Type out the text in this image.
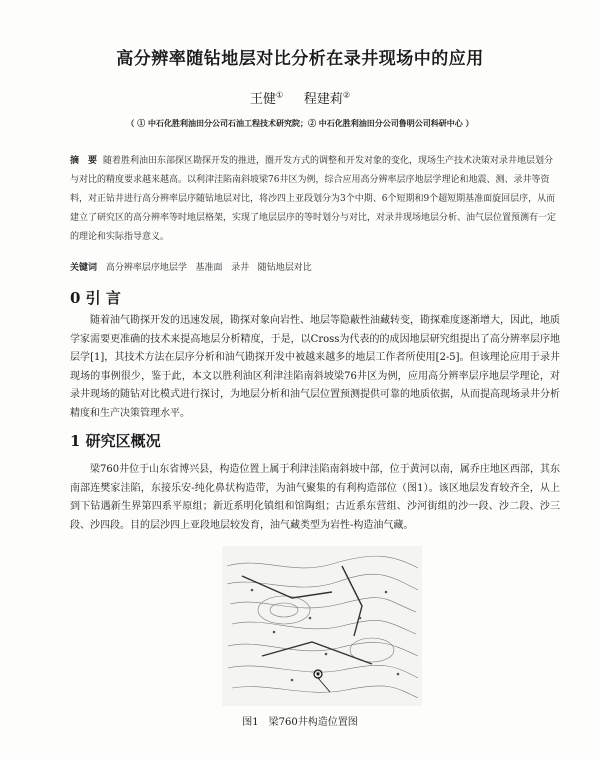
高分辨率随钻地层对比分析在录井现场中的应用
王健① 程建莉②
（ ① 中石化胜利油田分公司石油工程技术研究院；② 中石化胜利油田分公司鲁明公司科研中心 ）
摘　要 随着胜利油田东部探区勘探开发的推进，圈开发方式的调整和开发对象的变化，现场生产技术决策对录井地层划分与对比的精度要求越来越高。以利津洼陷南斜坡梁76井区为例，综合应用高分辨率层序地层学理论和地震、测、录井等资料，对正钻井进行高分辨率层序随钻地层对比，将沙四上亚段划分为3个中期、6个短期和9个超短期基准面旋回层序，从而建立了研究区的高分辨率等时地层格架，实现了地层层序的等时划分与对比，对录井现场地层分析、油气层位置预测有一定的理论和实际指导意义。
关键词 高分辨率层序地层学 基准面 录井 随钻地层对比
0 引 言
随着油气勘探开发的迅速发展，勘探对象向岩性、地层等隐蔽性油藏转变，勘探难度逐渐增大，因此，地质学家需要更准确的技术来提高地层分析精度，于是，以Cross为代表的的成因地层研究组提出了高分辨率层序地层学[1]，其技术方法在层序分析和油气勘探开发中被越来越多的地层工作者所使用[2-5]。但该理论应用于录井现场的事例很少，鉴于此，本文以胜利油区利津洼陷南斜坡梁76井区为例，应用高分辨率层序地层学理论，对录井现场的随钻对比模式进行探讨，为地层分析和油气层位置预测提供可靠的地质依据，从而提高现场录井分析精度和生产决策管理水平。
1 研究区概况
梁760井位于山东省博兴县，构造位置上属于利津洼陷南斜坡中部，位于黄河以南，属乔庄地区西部，其东南部连樊家洼陷，东接乐安-纯化鼻状构造带，为油气聚集的有利构造部位（图1）。该区地层发育较齐全，从上到下钻遇新生界第四系平原组；新近系明化镇组和馆陶组；古近系东营组、沙河街组的沙一段、沙二段、沙三段、沙四段。目的层沙四上亚段地层较发育，油气藏类型为岩性-构造油气藏。
图1　梁760井构造位置图
